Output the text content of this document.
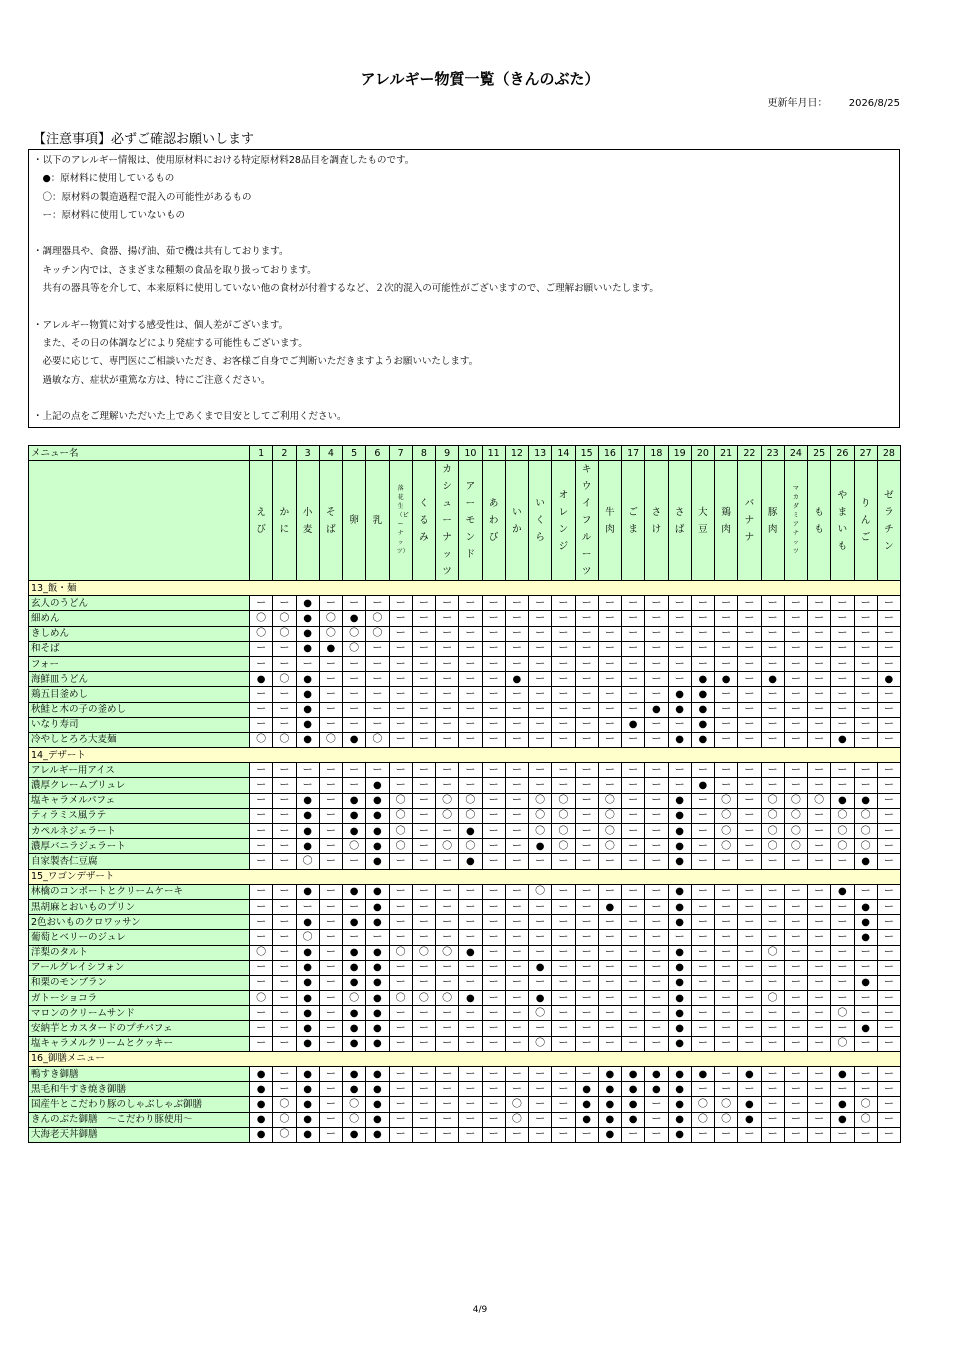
アレルギー物質一覧（きんのぶた）
更新年月日： 2026/8/25
【注意事項】必ずご確認お願いします
・以下のアレルギー情報は、使用原材料における特定原材料28品目を調査したものです。
　●：原材料に使用しているもの
　〇：原材料の製造過程で混入の可能性があるもの
　ー：原材料に使用していないもの

・調理器具や、食器、揚げ油、茹で機は共有しております。
　キッチン内では、さまざまな種類の食品を取り扱っております。
　共有の器具等を介して、本来原料に使用していない他の食材が付着するなど、２次的混入の可能性がございますので、ご理解お願いいたします。

・アレルギー物質に対する感受性は、個人差がございます。
　また、その日の体調などにより発症する可能性もございます。
　必要に応じて、専門医にご相談いただき、お客様ご自身でご判断いただきますようお願いいたします。
　過敏な方、症状が重篤な方は、特にご注意ください。

・上記の点をご理解いただいた上であくまで目安としてご利用ください。
メニュー名	1	2	3	4	5	6	7	8	9	10	11	12	13	14	15	16	17	18	19	20	21	22	23	24	25	26	27	28
	えび	かに	小麦	そば	卵	乳	落花生（ピーナッツ）	くるみ	カシューナッツ	アーモンド	あわび	いか	いくら	オレンジ	キウイフルーツ	牛肉	ごま	さけ	さば	大豆	鶏肉	バナナ	豚肉	マカダミアナッツ	もも	やまいも	りんご	ゼラチン
13_飯・麺																												
玄人のうどん	ー	ー	●	ー	ー	ー	ー	ー	ー	ー	ー	ー	ー	ー	ー	ー	ー	ー	ー	ー	ー	ー	ー	ー	ー	ー	ー	ー
細めん	〇	〇	●	〇	●	〇	ー	ー	ー	ー	ー	ー	ー	ー	ー	ー	ー	ー	ー	ー	ー	ー	ー	ー	ー	ー	ー	ー
きしめん	〇	〇	●	〇	〇	〇	ー	ー	ー	ー	ー	ー	ー	ー	ー	ー	ー	ー	ー	ー	ー	ー	ー	ー	ー	ー	ー	ー
和そば	ー	ー	●	●	〇	ー	ー	ー	ー	ー	ー	ー	ー	ー	ー	ー	ー	ー	ー	ー	ー	ー	ー	ー	ー	ー	ー	ー
フォー	ー	ー	ー	ー	ー	ー	ー	ー	ー	ー	ー	ー	ー	ー	ー	ー	ー	ー	ー	ー	ー	ー	ー	ー	ー	ー	ー	ー
海鮮皿うどん	●	〇	●	ー	ー	ー	ー	ー	ー	ー	ー	●	ー	ー	ー	ー	ー	ー	ー	●	●	ー	●	ー	ー	ー	ー	●
鶏五目釜めし	ー	ー	●	ー	ー	ー	ー	ー	ー	ー	ー	ー	ー	ー	ー	ー	ー	ー	●	●	ー	ー	ー	ー	ー	ー	ー	ー
秋鮭と木の子の釜めし	ー	ー	●	ー	ー	ー	ー	ー	ー	ー	ー	ー	ー	ー	ー	ー	ー	●	●	●	ー	ー	ー	ー	ー	ー	ー	ー
いなり寿司	ー	ー	●	ー	ー	ー	ー	ー	ー	ー	ー	ー	ー	ー	ー	ー	●	ー	ー	●	ー	ー	ー	ー	ー	ー	ー	ー
冷やしとろろ大麦麺	〇	〇	●	〇	●	〇	ー	ー	ー	ー	ー	ー	ー	ー	ー	ー	ー	ー	●	●	ー	ー	ー	ー	ー	●	ー	ー
14_デザート																												
アレルギー用アイス	ー	ー	ー	ー	ー	ー	ー	ー	ー	ー	ー	ー	ー	ー	ー	ー	ー	ー	ー	ー	ー	ー	ー	ー	ー	ー	ー	ー
濃厚クレームブリュレ	ー	ー	ー	ー	ー	●	ー	ー	ー	ー	ー	ー	ー	ー	ー	ー	ー	ー	ー	●	ー	ー	ー	ー	ー	ー	ー	ー
塩キャラメルパフェ	ー	ー	●	ー	●	●	〇	ー	〇	〇	ー	ー	〇	〇	ー	〇	ー	ー	●	ー	〇	ー	〇	〇	〇	●	●	ー
ティラミス風ラテ	ー	ー	●	ー	●	●	〇	ー	〇	〇	ー	ー	〇	〇	ー	〇	ー	ー	●	ー	〇	ー	〇	〇	ー	〇	〇	ー
カペルネジェラート	ー	ー	●	ー	●	●	〇	ー	ー	●	ー	ー	〇	〇	ー	〇	ー	ー	●	ー	〇	ー	〇	〇	ー	〇	〇	ー
濃厚バニラジェラート	ー	ー	●	ー	〇	●	〇	ー	〇	〇	ー	ー	●	〇	ー	〇	ー	ー	●	ー	〇	ー	〇	〇	ー	〇	〇	ー
自家製杏仁豆腐	ー	ー	〇	ー	ー	●	ー	ー	ー	●	ー	ー	ー	ー	ー	ー	ー	ー	●	ー	ー	ー	ー	ー	ー	ー	●	ー
15_ワゴンデザート																												
林檎のコンポートとクリームケーキ	ー	ー	●	ー	●	●	ー	ー	ー	ー	ー	ー	〇	ー	ー	ー	ー	ー	●	ー	ー	ー	ー	ー	ー	●	ー	ー
黒胡麻とおいものプリン	ー	ー	ー	ー	ー	●	ー	ー	ー	ー	ー	ー	ー	ー	ー	●	ー	ー	●	ー	ー	ー	ー	ー	ー	ー	●	ー
2色おいものクロワッサン	ー	ー	●	ー	●	●	ー	ー	ー	ー	ー	ー	ー	ー	ー	ー	ー	ー	●	ー	ー	ー	ー	ー	ー	ー	●	ー
葡萄とベリーのジュレ	ー	ー	〇	ー	ー	ー	ー	ー	ー	ー	ー	ー	ー	ー	ー	ー	ー	ー	ー	ー	ー	ー	ー	ー	ー	ー	●	ー
洋梨のタルト	〇	ー	●	ー	●	●	〇	〇	〇	●	ー	ー	ー	ー	ー	ー	ー	ー	●	ー	ー	ー	〇	ー	ー	ー	ー	ー
アールグレイシフォン	ー	ー	●	ー	●	●	ー	ー	ー	ー	ー	ー	●	ー	ー	ー	ー	ー	●	ー	ー	ー	ー	ー	ー	ー	ー	ー
和栗のモンブラン	ー	ー	●	ー	●	●	ー	ー	ー	ー	ー	ー	ー	ー	ー	ー	ー	ー	●	ー	ー	ー	ー	ー	ー	ー	●	ー
ガトーショコラ	〇	ー	●	ー	〇	●	〇	〇	〇	●	ー	ー	●	ー	ー	ー	ー	ー	●	ー	ー	ー	〇	ー	ー	ー	ー	ー
マロンのクリームサンド	ー	ー	●	ー	●	●	ー	ー	ー	ー	ー	ー	〇	ー	ー	ー	ー	ー	●	ー	ー	ー	ー	ー	ー	〇	ー	ー
安納芋とカスタードのプチパフェ	ー	ー	●	ー	●	●	ー	ー	ー	ー	ー	ー	ー	ー	ー	ー	ー	ー	●	ー	ー	ー	ー	ー	ー	ー	●	ー
塩キャラメルクリームとクッキー	ー	ー	●	ー	●	●	ー	ー	ー	ー	ー	ー	〇	ー	ー	ー	ー	ー	●	ー	ー	ー	ー	ー	ー	〇	ー	ー
16_御膳メニュー																												
鴨すき御膳	●	ー	●	ー	●	●	ー	ー	ー	ー	ー	ー	ー	ー	ー	●	●	●	●	●	ー	●	ー	ー	ー	●	ー	ー
黒毛和牛すき焼き御膳	●	ー	●	ー	●	●	ー	ー	ー	ー	ー	ー	ー	ー	●	●	●	●	●	ー	ー	ー	ー	ー	ー	ー	ー	ー
国産牛とこだわり豚のしゃぶしゃぶ御膳	●	〇	●	ー	〇	●	ー	ー	ー	ー	ー	〇	ー	ー	●	●	●	ー	●	〇	〇	●	ー	ー	ー	●	〇	ー
きんのぶた御膳　～こだわり豚使用～	●	〇	●	ー	〇	●	ー	ー	ー	ー	ー	〇	ー	ー	●	●	●	ー	●	〇	〇	●	ー	ー	ー	●	〇	ー
大海老天丼御膳	●	〇	●	ー	●	●	ー	ー	ー	ー	ー	ー	ー	ー	ー	●	ー	ー	●	ー	ー	ー	ー	ー	ー	ー	ー	ー
4/9
